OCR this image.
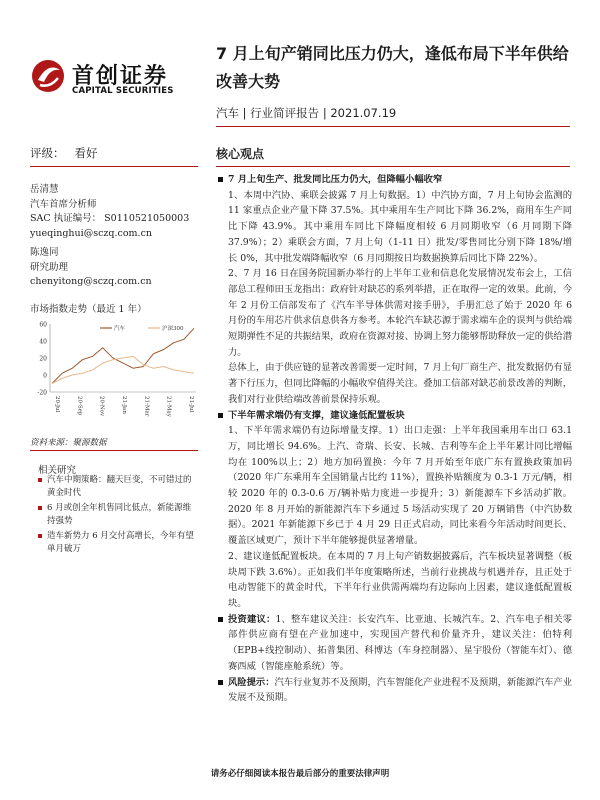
首创证券
CAPITAL SECURITIES
7 月上旬产销同比压力仍大，逢低布局下半年供给改善大势
汽车 | 行业简评报告 | 2021.07.19
评级： 看好	核心观点
岳清慧
汽车首席分析师
SAC 执证编号： S0110521050003
yueqinghui@sczq.com.cn
陈逸同
研究助理
chenyitong@sczq.com.cn
市场指数走势（最近 1 年）
60
40
20
0
-20
20-Jul	20-Sep	20-Nov	21-Jan	21-Mar	21-May	21-Jul
汽车	沪深300
资料来源：聚源数据
相关研究
汽车中期策略：翻天巨变，不可错过的黄金时代
6 月或创全年机售同比低点，新能源维持强势
造车新势力 6 月交付高增长，今年有望单月破万

7 月上旬生产、批发同比压力仍大，但降幅小幅收窄

1、本周中汽协、乘联会披露 7 月上旬数据。1）中汽协方面，7 月上旬协会监测的 11 家重点企业产量下降 37.5%。其中乘用车生产同比下降 36.2%，商用车生产同比下降 43.9%。其中乘用车同比下降幅度相较 6 月同期收窄（6 月同期下降 37.9%）；2）乘联会方面，7 月上旬（1-11 日）批发/零售同比分别下降 18%/增长 0%，其中批发端降幅收窄（6 月同期按日均数据换算后同比下降 22%）。

2、7 月 16 日在国务院国新办举行的上半年工业和信息化发展情况发布会上，工信部总工程师田玉龙指出：政府针对缺芯的系列举措，正在取得一定的效果。此前，今年 2 月份工信部发布了《汽车半导体供需对接手册》，手册汇总了始于 2020 年 6 月份的车用芯片供求信息供各方参考。本轮汽车缺芯源于需求端车企的误判与供给端短期弹性不足的共振结果，政府在资源对接、协调上努力能够帮助释放一定的供给潜力。

总体上，由于供应链的显著改善需要一定时间，7 月上旬厂商生产、批发数据仍有显著下行压力，但同比降幅的小幅收窄值得关注。叠加工信部对缺芯前景改善的判断，我们对行业供给端改善前景保持乐观。

下半年需求端仍有支撑，建议逢低配置板块

1、下半年需求端仍有边际增量支撑。1）出口走强：上半年我国乘用车出口 63.1 万，同比增长 94.6%。上汽、奇瑞、长安、长城、吉利等车企上半年累计同比增幅均在 100%以上；2）地方加码置换：今年 7 月开始至年底广东有置换政策加码（2020 年广东乘用车全国销量占比约 11%），置换补贴额度为 0.3-1 万元/辆，相较 2020 年的 0.3-0.6 万/辆补贴力度进一步提升；3）新能源车下乡活动扩散。2020 年 8 月开始的新能源汽车下乡通过 5 场活动实现了 20 万辆销售（中汽协数据）。2021 年新能源下乡已于 4 月 29 日正式启动，同比来看今年活动时间更长、覆盖区域更广，预计下半年能够提供显著增量。

2、建议逢低配置板块。在本周的 7 月上旬产销数据披露后，汽车板块显著调整（板块周下跌 3.6%）。正如我们半年度策略所述，当前行业挑战与机遇并存，且正处于电动智能下的黄金时代，下半年行业供需两端均有边际向上因素，建议逢低配置板块。

投资建议：1、整车建议关注：长安汽车、比亚迪、长城汽车。2、汽车电子相关零部件供应商有望在产业加速中，实现国产替代和价量齐升，建议关注：伯特利（EPB+线控制动）、拓普集团、科博达（车身控制器）、星宇股份（智能车灯）、德赛西威（智能座舱系统）等。

风险提示：汽车行业复苏不及预期，汽车智能化产业进程不及预期，新能源汽车产业发展不及预期。

请务必仔细阅读本报告最后部分的重要法律声明
